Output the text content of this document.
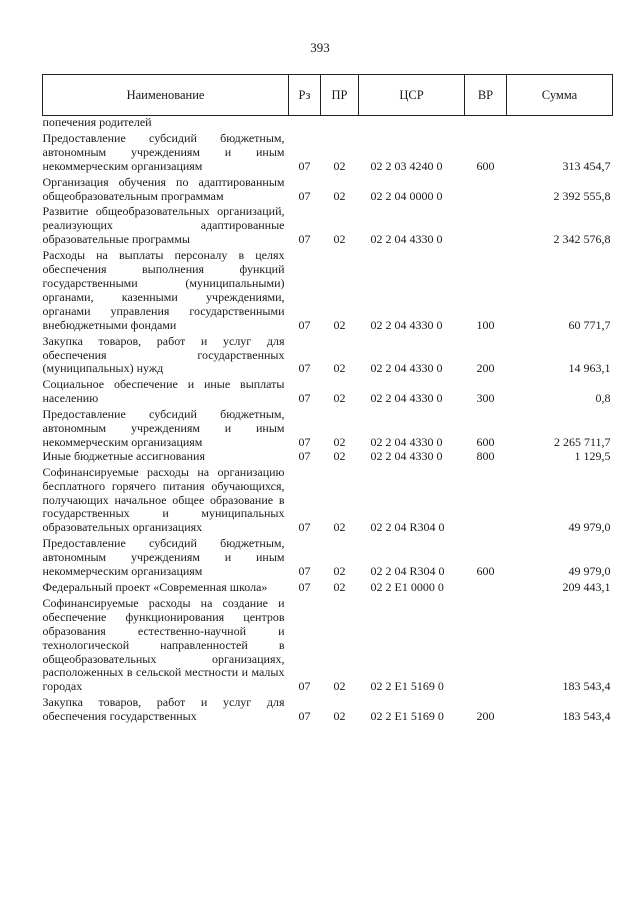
393
Наименование	Рз	ПР	ЦСР	ВР	Сумма
попечения родителей					
Предоставление субсидий бюджетным, автономным учреждениям и иным некоммерческим организациям	07	02	02 2 03 4240 0	600	313 454,7
Организация обучения по адаптированным общеобразовательным программам	07	02	02 2 04 0000 0		2 392 555,8
Развитие общеобразовательных организаций, реализующих адаптированные образовательные программы	07	02	02 2 04 4330 0		2 342 576,8
Расходы на выплаты персоналу в целях обеспечения выполнения функций государственными (муниципальными) органами, казенными учреждениями, органами управления государственными внебюджетными фондами	07	02	02 2 04 4330 0	100	60 771,7
Закупка товаров, работ и услуг для обеспечения государственных (муниципальных) нужд	07	02	02 2 04 4330 0	200	14 963,1
Социальное обеспечение и иные выплаты населению	07	02	02 2 04 4330 0	300	0,8
Предоставление субсидий бюджетным, автономным учреждениям и иным некоммерческим организациям	07	02	02 2 04 4330 0	600	2 265 711,7
Иные бюджетные ассигнования	07	02	02 2 04 4330 0	800	1 129,5
Софинансируемые расходы на организацию бесплатного горячего питания обучающихся, получающих начальное общее образование в государственных и муниципальных образовательных организациях	07	02	02 2 04 R304 0		49 979,0
Предоставление субсидий бюджетным, автономным учреждениям и иным некоммерческим организациям	07	02	02 2 04 R304 0	600	49 979,0
Федеральный проект «Современная школа»	07	02	02 2 E1 0000 0		209 443,1
Софинансируемые расходы на создание и обеспечение функционирования центров образования естественно-научной и технологической направленностей в общеобразовательных организациях, расположенных в сельской местности и малых городах	07	02	02 2 E1 5169 0		183 543,4
Закупка товаров, работ и услуг для обеспечения государственных	07	02	02 2 E1 5169 0	200	183 543,4
